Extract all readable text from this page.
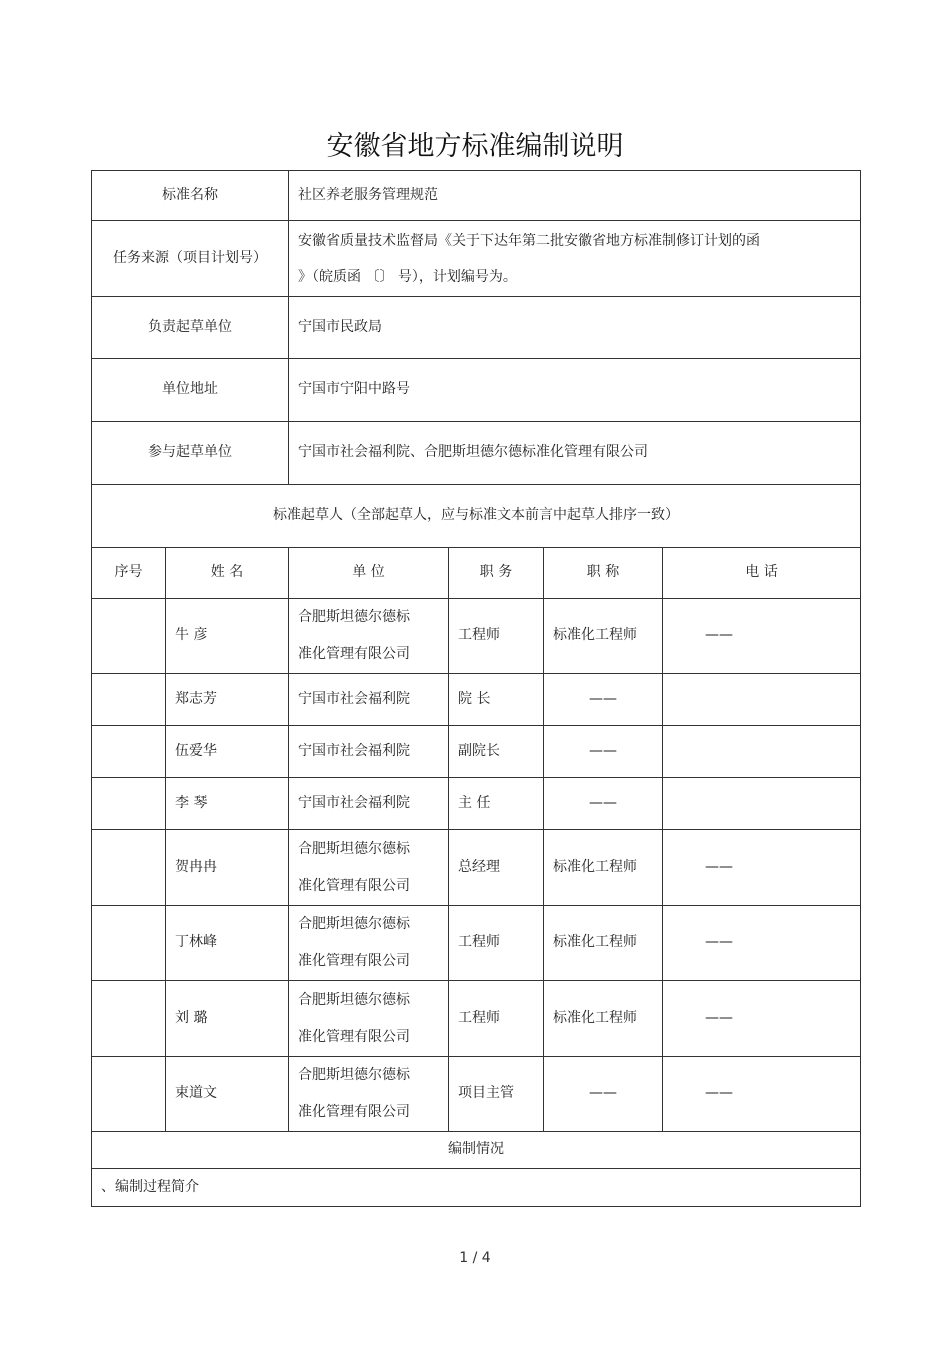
安徽省地方标准编制说明
标准名称		社区养老服务管理规范			
任务来源（项目计划号）		安徽省质量技术监督局《关于下达年第二批安徽省地方标准制修订计划的函
》（皖质函 〔〕 号），计划编号为。			

负责起草单位		宁国市民政局			
单位地址		宁国市宁阳中路号			
参与起草单位		宁国市社会福利院、合肥斯坦德尔德标准化管理有限公司			
标准起草人（全部起草人，应与标准文本前言中起草人排序一致）					
序号	姓 名	单 位	职 务	职 称	电 话
	牛 彦	合肥斯坦德尔德标
准化管理有限公司	工程师	标准化工程师	——
	郑志芳	宁国市社会福利院	院 长	——	
	伍爱华	宁国市社会福利院	副院长	——	
	李 琴	宁国市社会福利院	主 任	——	
	贺冉冉	合肥斯坦德尔德标
准化管理有限公司	总经理	标准化工程师	——
	丁林峰	合肥斯坦德尔德标
准化管理有限公司	工程师	标准化工程师	——
	刘 璐	合肥斯坦德尔德标
准化管理有限公司	工程师	标准化工程师	——
	束道文	合肥斯坦德尔德标
准化管理有限公司	项目主管	——	——
编制情况					
、编制过程简介					
1 / 4
